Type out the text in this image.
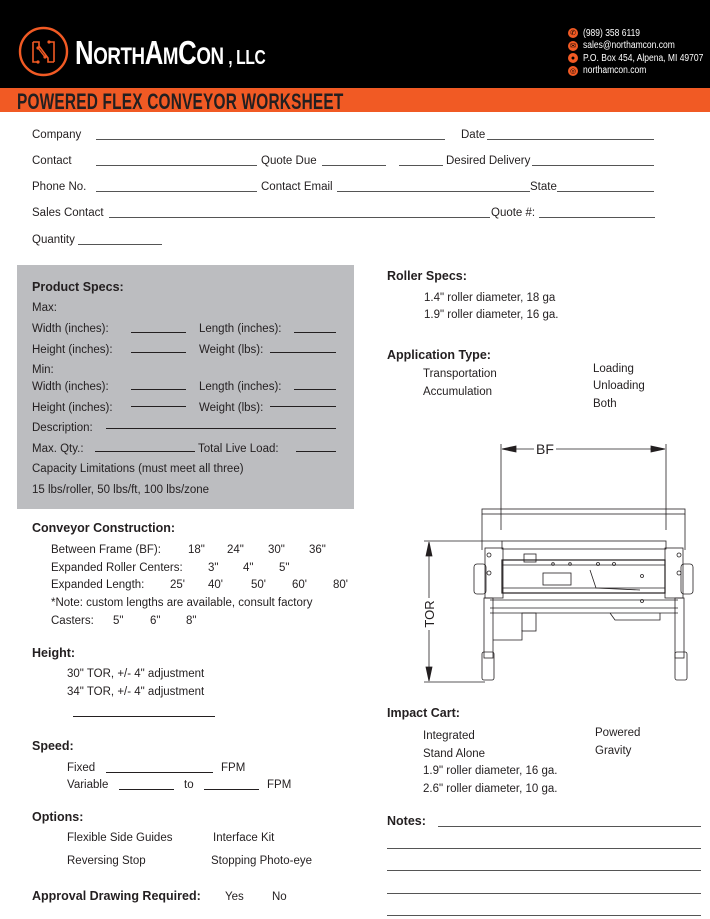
NORTHAMCON , LLC
✆ (989) 358 6119
✉ sales@northamcon.com
● P.O. Box 454, Alpena, MI 49707
◎ northamcon.com
POWERED FLEX CONVEYOR WORKSHEET
Company	Date
Contact	Quote Due	Desired Delivery
Phone No.	Contact Email	State
Sales Contact	Quote #:
Quantity
Product Specs:
Max:
Width (inches):	Length (inches):
Height (inches):	Weight (lbs):
Min:
Width (inches):	Length (inches):
Height (inches):	Weight (lbs):
Description:
Max. Qty.:	Total Live Load:
Capacity Limitations (must meet all three)
15 lbs/roller, 50 lbs/ft, 100 lbs/zone
Roller Specs:
1.4" roller diameter, 18 ga
1.9" roller diameter, 16 ga.
Application Type:
Transportation
Accumulation
Loading
Unloading
Both
BF
TOR
Conveyor Construction:
Between Frame (BF): 18" 24" 30" 36"
Expanded Roller Centers: 3" 4" 5"
Expanded Length: 25' 40' 50' 60' 80'
*Note: custom lengths are available, consult factory
Casters: 5" 6" 8"
Height:
30" TOR, +/- 4" adjustment
34" TOR, +/- 4" adjustment
Speed:
Fixed	FPM
Variable	to	FPM
Options:
Flexible Side Guides	Interface Kit
Reversing Stop	Stopping Photo-eye
Approval Drawing Required: Yes No
Impact Cart:
Integrated
Stand Alone
1.9" roller diameter, 16 ga.
2.6" roller diameter, 10 ga.
Powered
Gravity
Notes:
